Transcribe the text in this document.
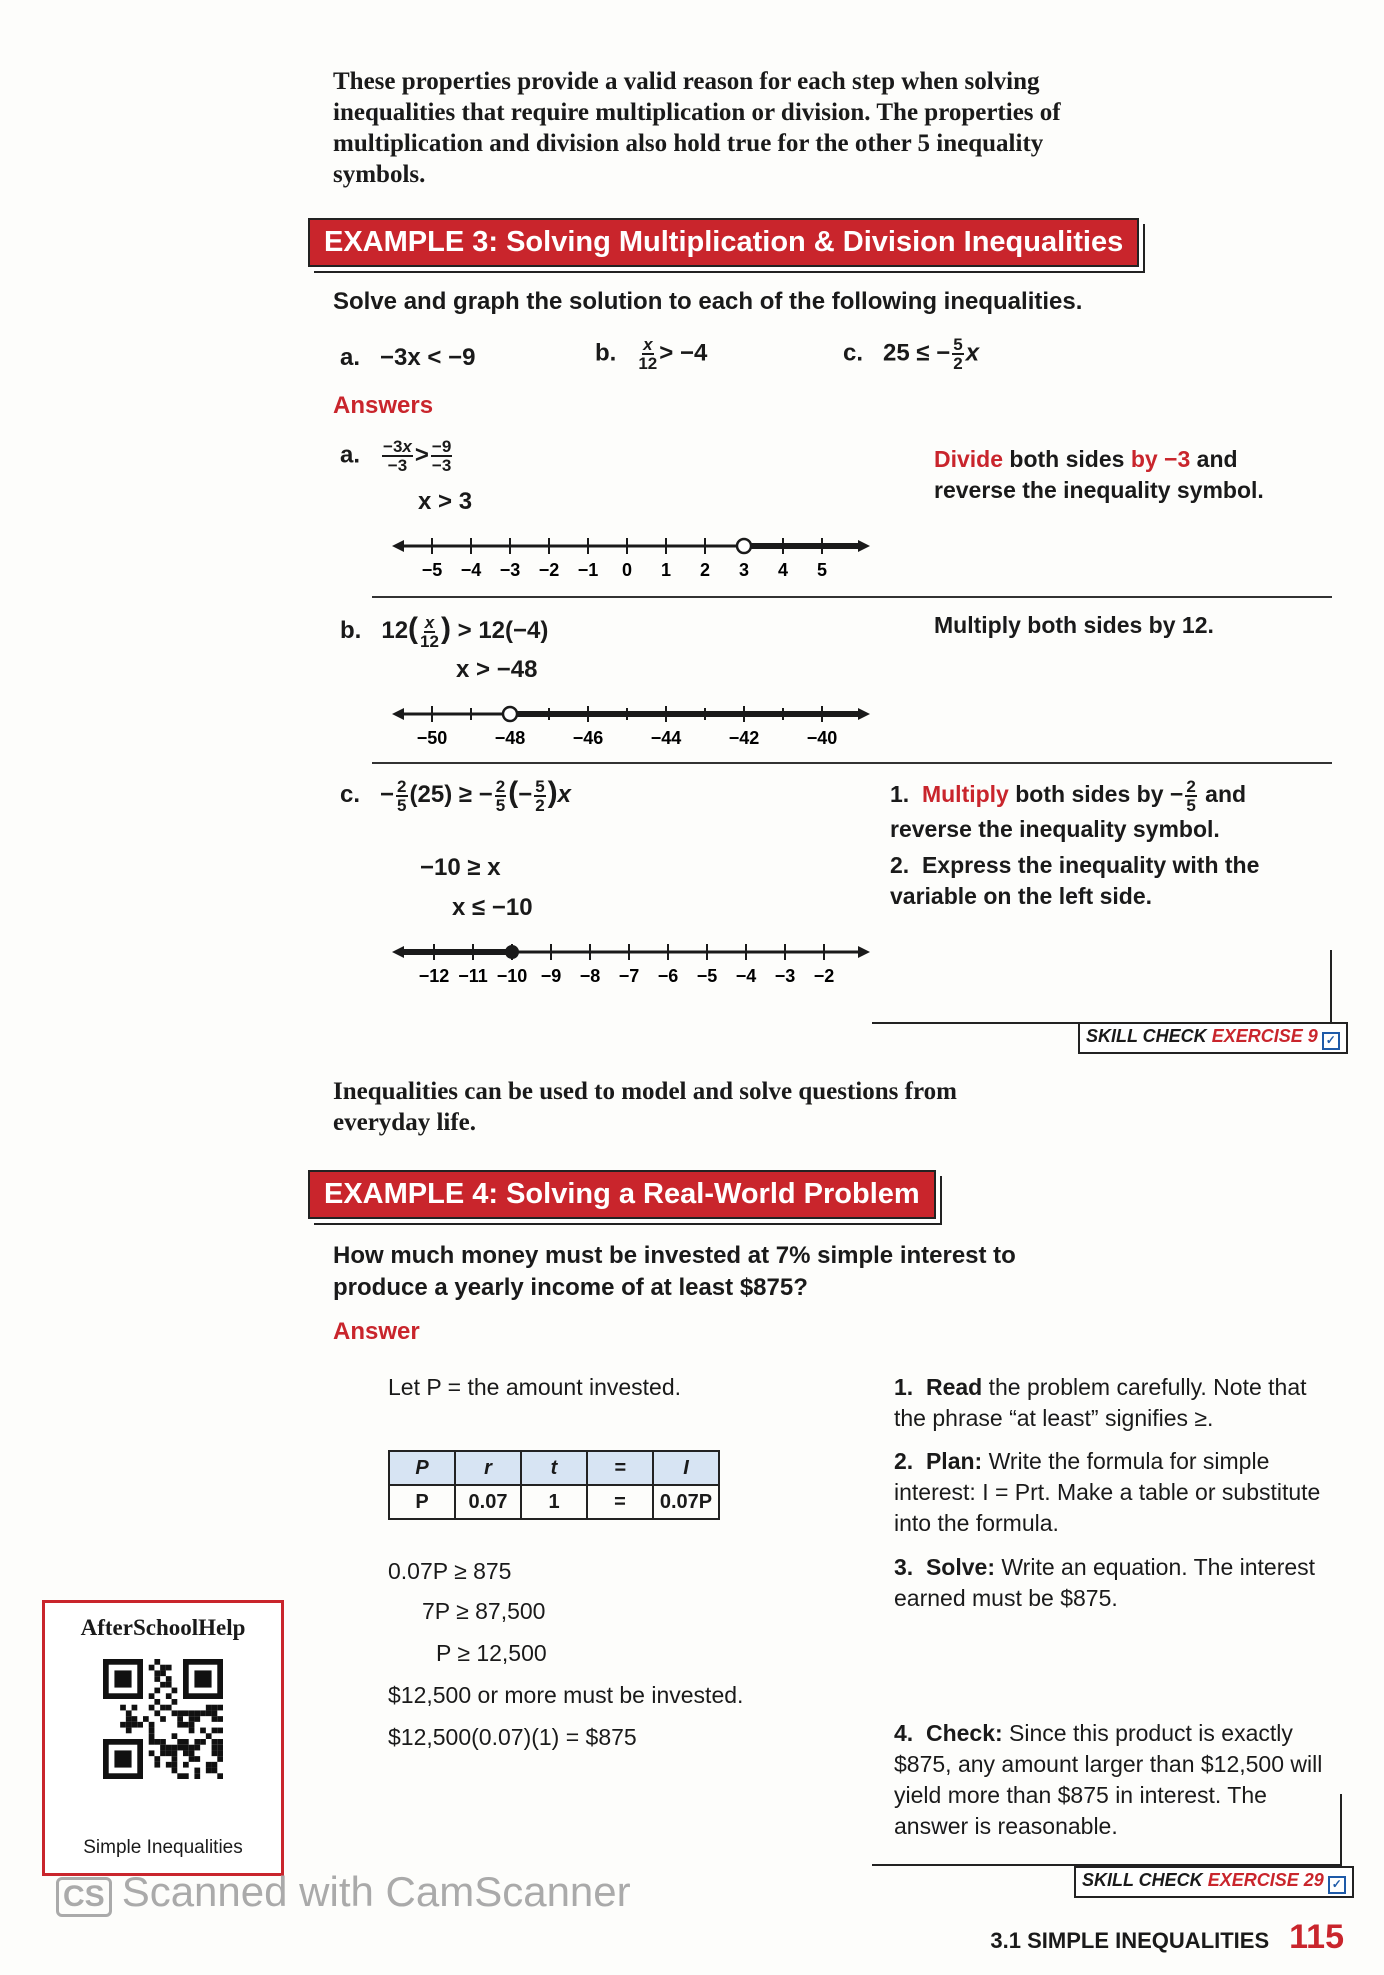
These properties provide a valid reason for each step when solving inequalities that require multiplication or division. The properties of multiplication and division also hold true for the other 5 inequality symbols.
EXAMPLE 3: Solving Multiplication & Division Inequalities
Solve and graph the solution to each of the following inequalities.
a. −3x < −9	b. $\frac{x}{12} > -4$	c. 25 ≤ − $\frac{5}{2}$ x
Answers
a. $\frac{-3x}{-3} > \frac{-9}{-3}$
x > 3
Divide both sides by −3 and reverse the inequality symbol.
−5 −4 −3 −2 −1 0 1 2 3 4 5
b. $12( \frac{x}{12}$ ) > 12(−4)
x > −48
Multiply both sides by 12.
−50	−48	−46	−44	−42	−40
c.   − $\frac{2}{5} (25)$ ≥ − $\frac{2}{5}$ (− $\frac{5}{2} )x$
−10 ≥ x
x ≤ −10
1. Multiply both sides by − $\frac{2}{5}$ and reverse the inequality symbol.
2. Express the inequality with the variable on the left side.
−12 −11 −10 −9 −8 −7 −6 −5 −4 −3 −2
SKILL CHECK EXERCISE 9 ✓
Inequalities can be used to model and solve questions from everyday life.
EXAMPLE 4: Solving a Real-World Problem
How much money must be invested at 7% simple interest to produce a yearly income of at least $875?
Answer
Let P = the amount invested.
P	r	t	=	I
P	0.07	1	=	0.07P
0.07P ≥ 875
7P ≥ 87,500
P ≥ 12,500
$12,500 or more must be invested.
$12,500(0.07)(1) = $875
1. Read the problem carefully. Note that the phrase “at least” signifies ≥.
2. Plan: Write the formula for simple interest: I = Prt. Make a table or substitute into the formula.
3. Solve: Write an equation. The interest earned must be $875.
4. Check: Since this product is exactly $875, any amount larger than $12,500 will yield more than $875 in interest. The answer is reasonable.
SKILL CHECK EXERCISE 29 ✓
AfterSchoolHelp
Simple Inequalities
CS Scanned with CamScanner
3.1 SIMPLE INEQUALITIES 115
